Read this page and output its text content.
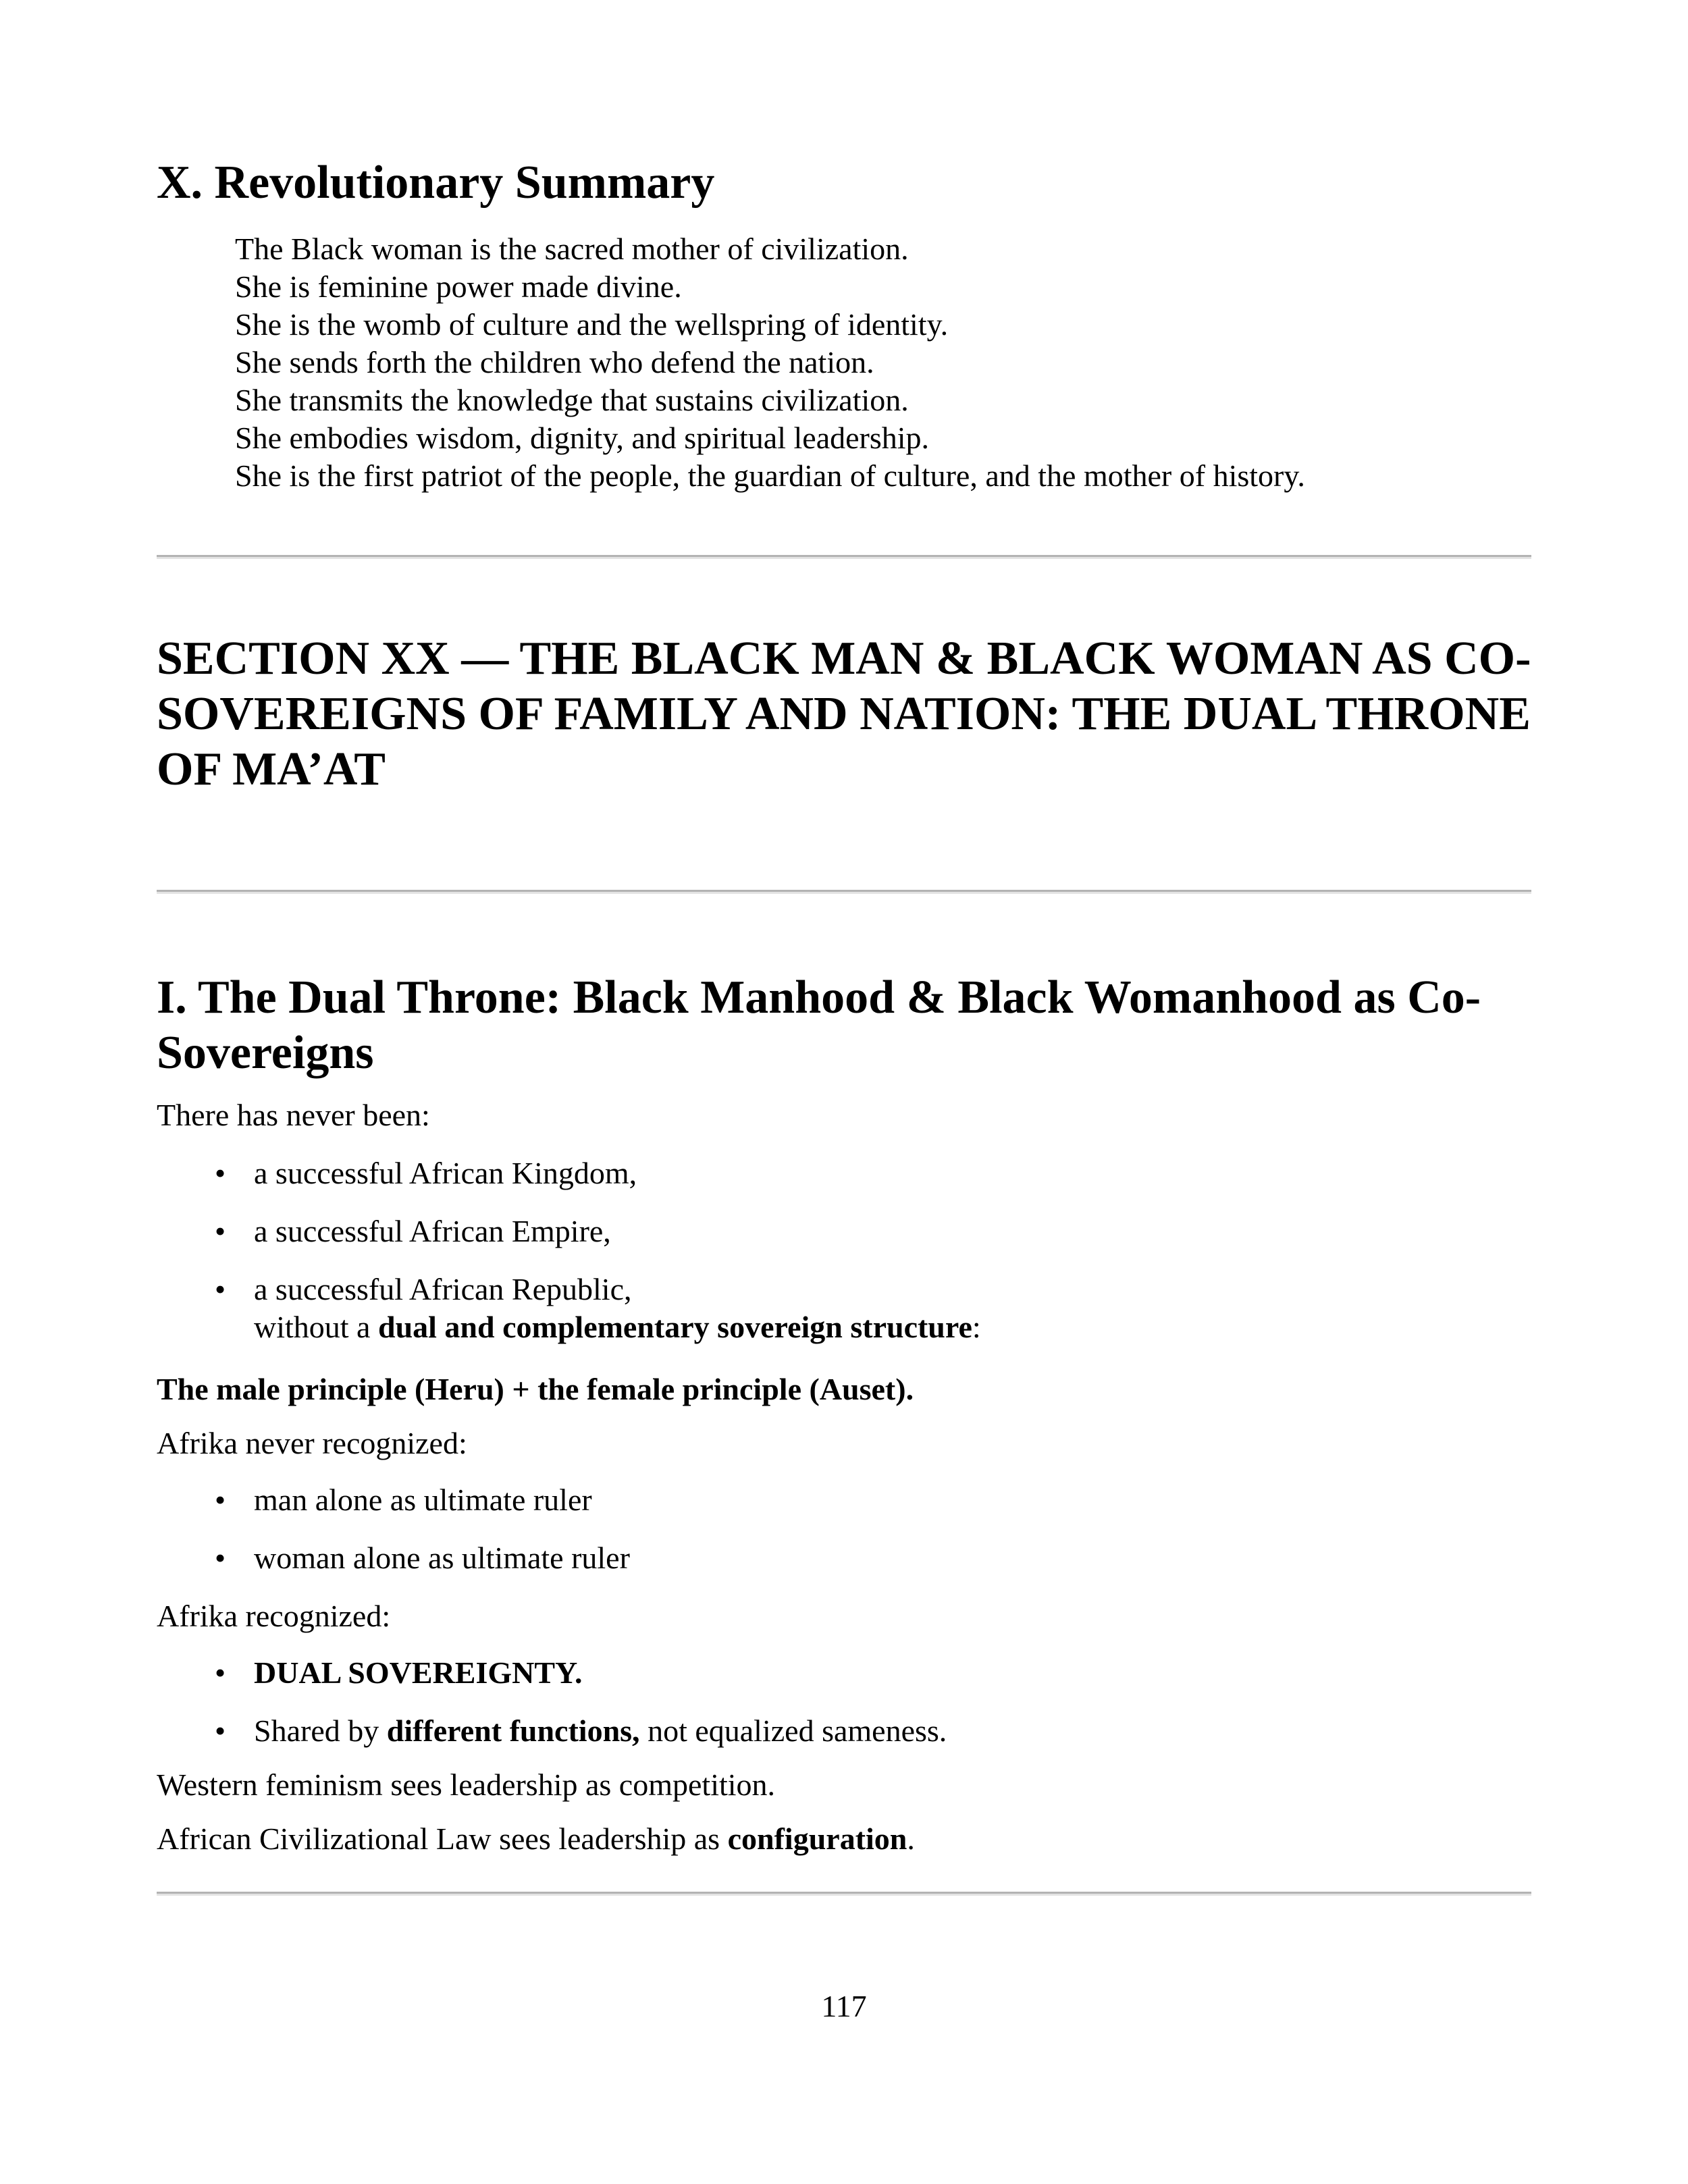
X. Revolutionary Summary

The Black woman is the sacred mother of civilization.

She is feminine power made divine.

She is the womb of culture and the wellspring of identity.

She sends forth the children who defend the nation.

She transmits the knowledge that sustains civilization.

She embodies wisdom, dignity, and spiritual leadership.

She is the first patriot of the people, the guardian of culture, and the mother of history.

SECTION XX — THE BLACK MAN & BLACK WOMAN AS CO-SOVEREIGNS OF FAMILY AND NATION: THE DUAL THRONE OF MA’AT
I. The Dual Throne: Black Manhood & Black Womanhood as Co-Sovereigns

There has never been:

• a successful African Kingdom,
• a successful African Empire,
• a successful African Republic,
without a dual and complementary sovereign structure:

The male principle (Heru) + the female principle (Auset).

Afrika never recognized:

• man alone as ultimate ruler
• woman alone as ultimate ruler

Afrika recognized:

• DUAL SOVEREIGNTY.
• Shared by different functions, not equalized sameness.

Western feminism sees leadership as competition.

African Civilizational Law sees leadership as configuration.

117
